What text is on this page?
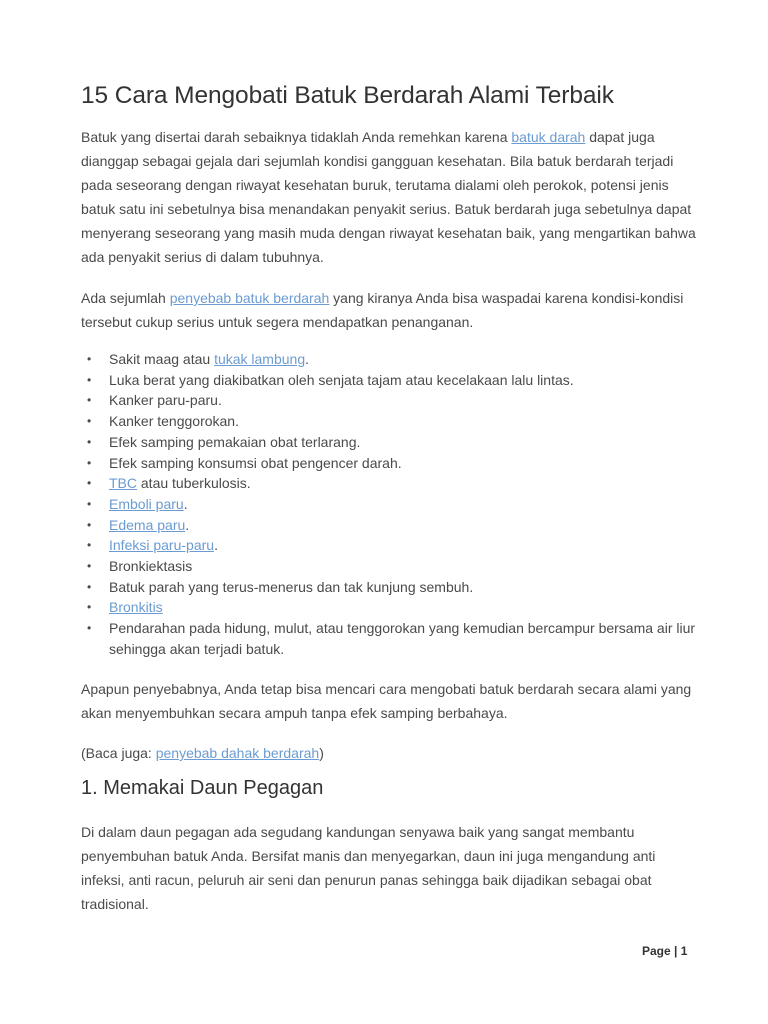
15 Cara Mengobati Batuk Berdarah Alami Terbaik

Batuk yang disertai darah sebaiknya tidaklah Anda remehkan karena batuk darah dapat juga
dianggap sebagai gejala dari sejumlah kondisi gangguan kesehatan. Bila batuk berdarah terjadi
pada seseorang dengan riwayat kesehatan buruk, terutama dialami oleh perokok, potensi jenis
batuk satu ini sebetulnya bisa menandakan penyakit serius. Batuk berdarah juga sebetulnya dapat
menyerang seseorang yang masih muda dengan riwayat kesehatan baik, yang mengartikan bahwa
ada penyakit serius di dalam tubuhnya.

Ada sejumlah penyebab batuk berdarah yang kiranya Anda bisa waspadai karena kondisi-kondisi
tersebut cukup serius untuk segera mendapatkan penanganan.

• Sakit maag atau tukak lambung.
• Luka berat yang diakibatkan oleh senjata tajam atau kecelakaan lalu lintas.
• Kanker paru-paru.
• Kanker tenggorokan.
• Efek samping pemakaian obat terlarang.
• Efek samping konsumsi obat pengencer darah.
• TBC atau tuberkulosis.
• Emboli paru.
• Edema paru.
• Infeksi paru-paru.
• Bronkiektasis
• Batuk parah yang terus-menerus dan tak kunjung sembuh.
• Bronkitis
• Pendarahan pada hidung, mulut, atau tenggorokan yang kemudian bercampur bersama air liur
sehingga akan terjadi batuk.

Apapun penyebabnya, Anda tetap bisa mencari cara mengobati batuk berdarah secara alami yang
akan menyembuhkan secara ampuh tanpa efek samping berbahaya.

(Baca juga: penyebab dahak berdarah)

1. Memakai Daun Pegagan

Di dalam daun pegagan ada segudang kandungan senyawa baik yang sangat membantu
penyembuhan batuk Anda. Bersifat manis dan menyegarkan, daun ini juga mengandung anti
infeksi, anti racun, peluruh air seni dan penurun panas sehingga baik dijadikan sebagai obat
tradisional.

Page | 1
